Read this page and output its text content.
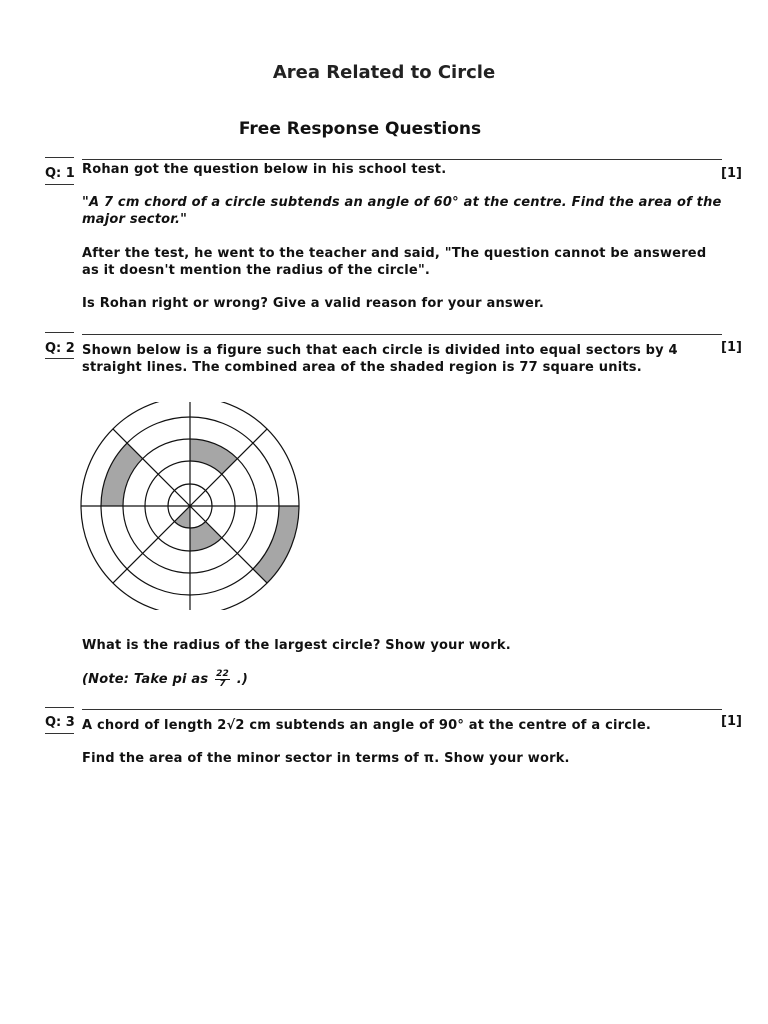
Area Related to Circle
Free Response Questions
Q: 1	[1]
Rohan got the question below in his school test.
"A 7 cm chord of a circle subtends an angle of 60° at the centre. Find the area of the major sector."
After the test, he went to the teacher and said, "The question cannot be answered as it doesn't mention the radius of the circle".
Is Rohan right or wrong? Give a valid reason for your answer.
Q: 2	[1]
Shown below is a figure such that each circle is divided into equal sectors by 4 straight lines. The combined area of the shaded region is 77 square units.
What is the radius of the largest circle? Show your work.
(Note: Take pi as $\frac{22}{7}$ .)
Q: 3	[1]
A chord of length 2√2 cm subtends an angle of 90° at the centre of a circle.
Find the area of the minor sector in terms of π. Show your work.
